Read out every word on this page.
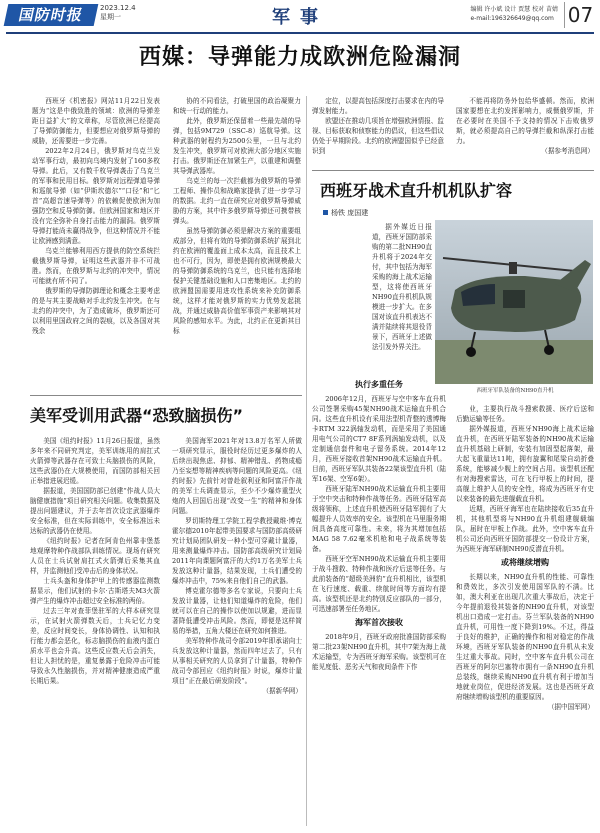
国防时报	2023.12.4
星期一	军事	编辑 许小斌 设计 贾慧 校对 苗婧
e-mail:196326649@qq.com 07
西媒：导弹能力成欧洲危险漏洞

西班牙《机密报》网站11月22日发表题为“这是中俄致胜的领域：欧洲的导弹差距日益扩大”的文章称，尽管欧洲已经提高了导弹防御能力，但要想应对俄罗斯导弹的威胁，还需要进一步完善。

2022年2月24日，俄罗斯对乌克兰发动军事行动，最初向乌境内发射了160多枚导弹。此后，又有数千枚导弹袭击了乌克兰的军事和民用目标。俄罗斯对远程弹道导弹和巡航导弹（如“伊斯坎德尔”“口径”和“匕首”高超音速导弹等）的依赖促使欧洲为加强防空和反导弹防御。但欧洲国家和地区并没有完全弥补自身打击能力的漏洞。俄罗斯导弹打能尚未赢得战争，但这种情况并不能让欧洲感到满意。

乌克兰能够利用西方提供的防空系统拦截俄罗斯导弹，证明这些武器并非不可战胜。然而，在俄罗斯与北约的冲突中，情况可能就有所不同了。

俄罗斯的导弹防御理论和概念主要考虑的是与其主要战略对手北约发生冲突。在与北约的冲突中，为了造成破坏，俄罗斯还可以利用里国政府之间的裂痕，以及各国对其残余

协的不同看法，打破里国的政治凝聚力和统一行动的能力。

此外，俄罗斯还保留着一些最先端的导弹，包括9M729（SSC-8）巡航导弹。这种武器的射程约为2500公里，一旦与北约发生冲突，俄罗斯可对欧洲大部分地区实施打击。俄罗斯还在加紧生产，以重建和调整其导弹武器库。

乌克兰的每一次拦截都为俄罗斯的导弹工程师、操作员和战略家提供了进一步学习的数据。北约一直在研究应对俄罗斯导弹威胁的方案，其中许多俄罗斯导弹还可携带核弹头。

虽然导弹防御必须是解决方案的重要组成部分，但将有效的导弹防御系统扩展到北约在欧洲的覆盖面上成本太高，而且技术上也不可行，因为，即使是拥有欧洲规模最大的导弹防御系统的乌克兰，也只能有选择地保护关键基础设施和人口密集地区。北约的欧洲盟国需要用进攻性系统来补充防御系统，这样才能对俄罗斯的实力优势发起挑战，并通过威胁高价值军事资产来影响其对风险的感知水平。为此，北约正在更新其目标

定位，以提高包括深度打击要求在内的导弹发射能力。

欧盟还在推动几项旨在增强欧洲情报、监视、目标获取和侦察能力的倡议，但这些倡议仍处于早期阶段。北约的欧洲盟国似乎已经意识到

不能再将防务外包给华盛顿。然而，欧洲国家要想在北约发挥影响力，威慑俄罗斯，并在必要时在美国不予支持的情况下击败俄罗斯，就必须提高自己的导弹拦截和纵深打击能力。

（据参考消息网）

美军受训用武器“恐致脑损伤”

美国《纽约时报》11月26日报道，虽然多年来不同研究判定，美军训练用的肩扛式火箭弹等武器存在可致士兵脑损伤的风险，这些武器仍在大规模使用，而国防部相关回正举措进展迟缓。

据报道，美国国防部已创建“作战人员大脑健康措施”项目研究相关问题。收集数据及提出问题建议，并于去年首次设定武器爆炸安全标准，但在实际训练中，安全标准远未达标的武器仍在使用。

《纽约时报》记者在阿肯色州靠非堡基地观摩特种作战部队训练情况。现场有研究人员在士兵试射肩扛式火箭弹后采集其血样，并监测他们受冲击后的身体状况。

士兵头盔和身体护甲上的传感器监测数据显示，他们试射的卡尔·古斯塔夫M3火箭弹产生的爆炸冲击超过安全标准的两倍。

过去三年对查菲堡驻军的大样本研究显示，在试射火箭弹数天后，士兵记忆力变差，反应时间变长，身体协调性、认知和执行能力都会恶化，标志脑损伤的血液内蛋白质水平也会升高。这些反应数天后会消失，但让人担忧的是，重复暴露于危险冲击可能导致永久性脑损伤，并对精神健康造成严重长期后果。

美国海军2021年对13.8万名军人所做一项研究显示，服役时经历过更多爆炸的人后续出现焦虑、抑郁、精神错乱、药物成瘾乃至妄想等精神疾病等问题的风险更高。《纽约时报》先前针对曾赴叙利亚和阿富汗作战的美军士兵调查显示，至少不少爆炸重型火炮的人回国后出现“改变一生”的精神和身体问题。

罗切斯特理工学院工程学教授戴维·博克霍尔德2010年起带美国要求与国防部高级研究计划局团队研发一种小型可穿戴计量器，用来测量爆炸冲击。国防部高级研究计划局2011年向课题阿富汗的大约1万名美军士兵发放这种计量器，结果发现，士兵们遭受的爆炸冲击中，75%来自他们自己的武器。

博克霍尔德等多名专家说，只要向士兵发放计量器，让他们知道爆炸的危险，他们就可以在自己的操作以使加以规避，进而显著降低遭受冲击风险。然而，即便是这样简易的举措，五角大楼还在研究如何推进。

美军特种作战司令部2019年即承诺向士兵发放这种计量器，然而四年过去了，只有从事相关研究的人员拿到了计量器，特种作战司令部回应《纽约时报》时说，爆炸计量项目“正在最后研发阶段”。

（据新华网）

西班牙战术直升机机队扩容
杨铁 庞国建

据外媒近日报道，西班牙国防部采购的第二批NH90直升机将于2024年交付，其中包括为海军采购的海上战术运输型，这将使西班牙NH90直升机机队规模进一步扩大。在多国对该直升机表达不满并陆续将其退役背景下，西班牙上述做法引发外界关注。

西班牙军队装备的NH90直升机

执行多重任务

2006年12月，西班牙与空中客车直升机公司签署采购45架NH90战术运输直升机合同。这些直升机设有采用法型机背整的透博梅卡RTM 322涡轴发动机，而是采用了美国通用电气公司的CT7 8F系列涡轴发动机，以及定制通信套件和电子留务系统。2014年12月，西班牙接收首架NH90战术运输直升机。目前，西班牙军队共装备22架该型直升机（陆军16架、空军6架）。

西班牙陆军NH90战术运输直升机主要用于空中突击和特种作战等任务。西班牙陆军高级将领称，上述直升机使西班牙陆军拥有了大幅提升人员效率的安全。该型机在马里服务期间具备高度可靠性。未来，将为其增加包括MAG 58 7.62毫米机枪和电子战系统等装备。

西班牙空军NH90战术运输直升机主要用于战斗搜救、特种作战和医疗后送等任务。与此前装备的“超级美洲豹”直升机相比，该型机在飞行速度、载重、续航时间等方面均有提高。该型机还是北约特别反应部队的一部分，可迅速部署至任务地区。

海军首次接收

2018年9月，西班牙政府批准国防部采购第二批23架NH90直升机，其中7架为海上战术运输型，专为西班牙海军采购。该型机可在能见度低、恶劣天气和夜间条件下作

业，主要执行战斗搜索救援、医疗后送和后勤运输等任务。

据外媒报道，西班牙NH90海上战术运输直升机，在西班牙陆军装备的NH90战术运输直升机基础上研制，安装有加固型起落架，最大起飞重量达11吨，拥有旋翼和尾梁自动折叠系统，能够减少舰上的空间占用。该型机还配有对海搜索雷达，可在飞行甲板上的时间，提高舰上维护人员的安全性，将成为西班牙有史以来装备的最先进舰载直升机。

近期，西班牙海军也在陆续接收后35直升机，其他机型将与NH90直升机组建舰载编队，届时在甲板上作战。此外，空中客车直升机公司还向西班牙国防部提交一份设计方案，为西班牙海军研制NH90反潜直升机。

或将继续增购

长期以来，NH90直升机的性能、可靠性和费效比，多次引发使用国军队的不满。比如，澳大利亚在出现几次重大事故后，决定于今年提前退役其装备的NH90直升机，对该型机出口造成一定打击。芬兰军队装备的NH90直升机，可用性一度下降到19%。不过，得益于良好的维护，正确的操作和相对稳定的作战环境，西班牙军队装备的NH90直升机从未发生过重大事故。同时，空中客车直升机公司在西班牙的阿尔巴塞特市拥有一条NH90直升机总装线，继续采购NH90直升机有利于增加当地就业岗位，促进经济发展。这也是西班牙政府继续增购该型机的重要原因。

（据中国军网）
